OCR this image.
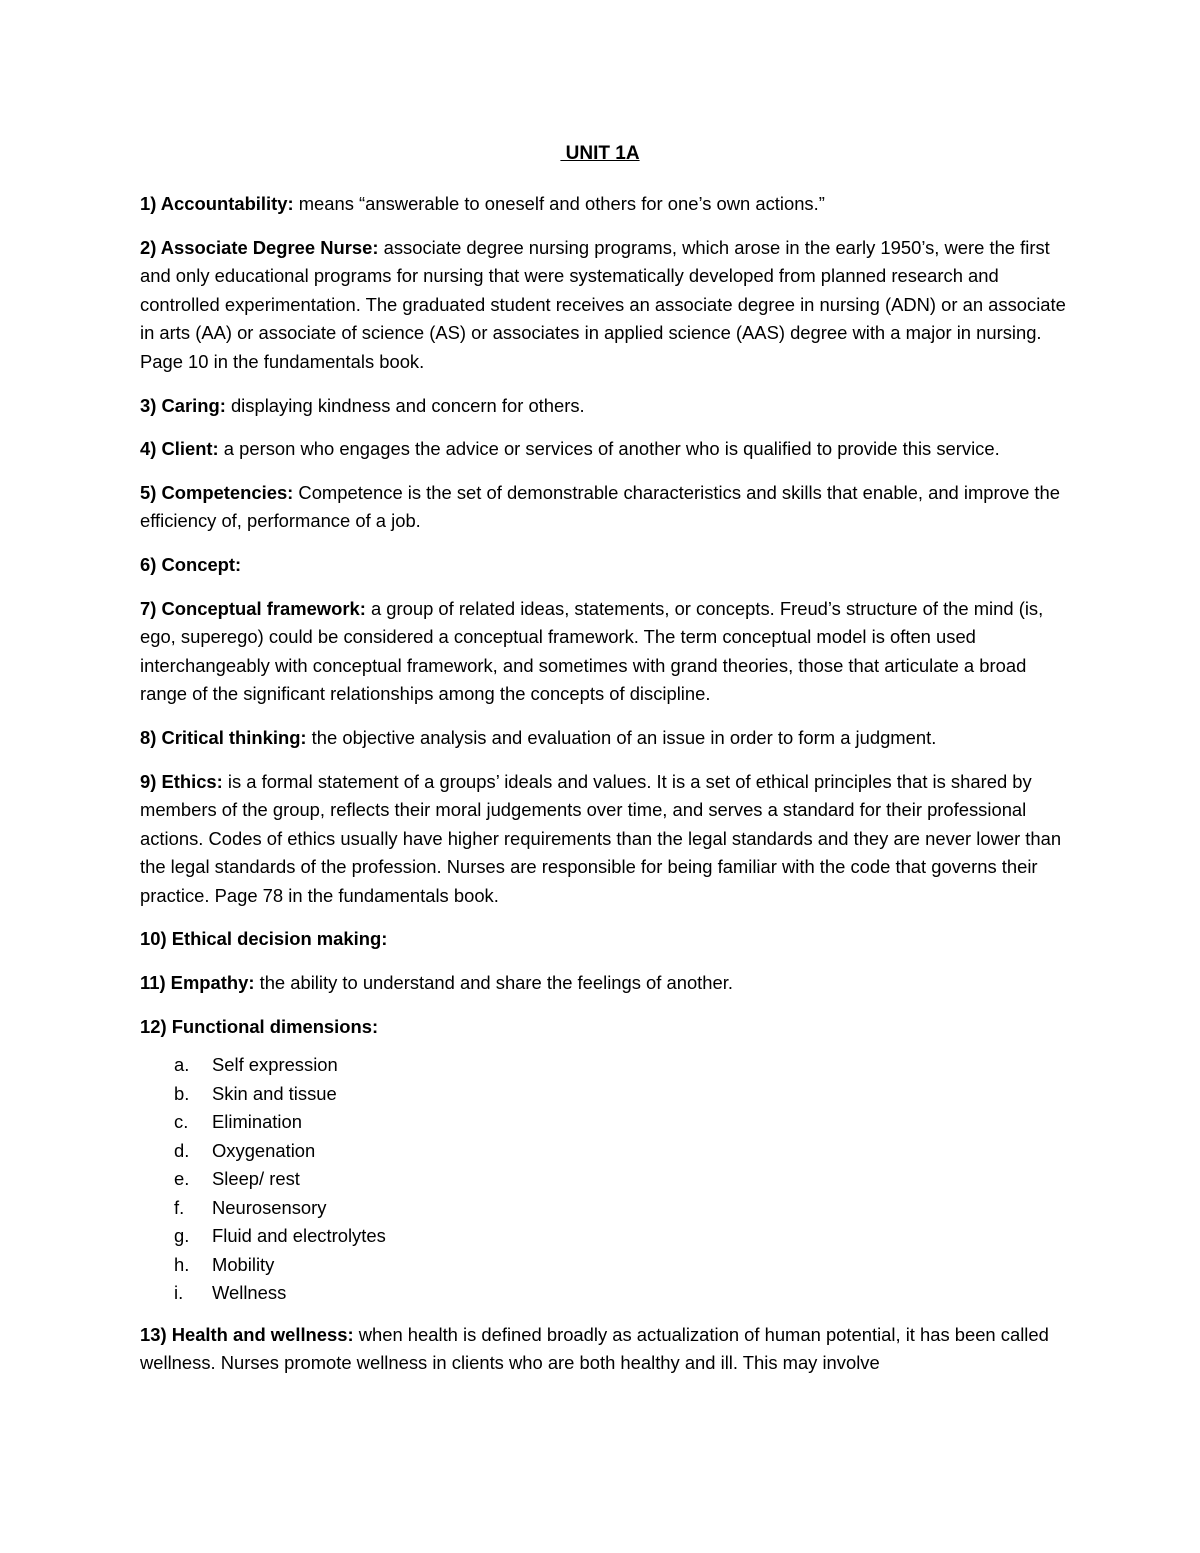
UNIT 1A

1) Accountability: means “answerable to oneself and others for one’s own actions.”

2) Associate Degree Nurse: associate degree nursing programs, which arose in the early 1950’s, were the first and only educational programs for nursing that were systematically developed from planned research and controlled experimentation. The graduated student receives an associate degree in nursing (ADN) or an associate in arts (AA) or associate of science (AS) or associates in applied science (AAS) degree with a major in nursing. Page 10 in the fundamentals book.

3) Caring: displaying kindness and concern for others.

4) Client: a person who engages the advice or services of another who is qualified to provide this service.

5) Competencies: Competence is the set of demonstrable characteristics and skills that enable, and improve the efficiency of, performance of a job.

6) Concept:

7) Conceptual framework: a group of related ideas, statements, or concepts. Freud’s structure of the mind (is, ego, superego) could be considered a conceptual framework. The term conceptual model is often used interchangeably with conceptual framework, and sometimes with grand theories, those that articulate a broad range of the significant relationships among the concepts of discipline.

8) Critical thinking: the objective analysis and evaluation of an issue in order to form a judgment.

9) Ethics: is a formal statement of a groups’ ideals and values. It is a set of ethical principles that is shared by members of the group, reflects their moral judgements over time, and serves a standard for their professional actions. Codes of ethics usually have higher requirements than the legal standards and they are never lower than the legal standards of the profession. Nurses are responsible for being familiar with the code that governs their practice. Page 78 in the fundamentals book.

10) Ethical decision making:

11) Empathy: the ability to understand and share the feelings of another.

12) Functional dimensions:

a.	Self expression
b.	Skin and tissue
c.	Elimination
d.	Oxygenation
e.	Sleep/ rest
f.	Neurosensory
g.	Fluid and electrolytes
h.	Mobility
i.	Wellness

13) Health and wellness: when health is defined broadly as actualization of human potential, it has been called wellness. Nurses promote wellness in clients who are both healthy and ill. This may involve
